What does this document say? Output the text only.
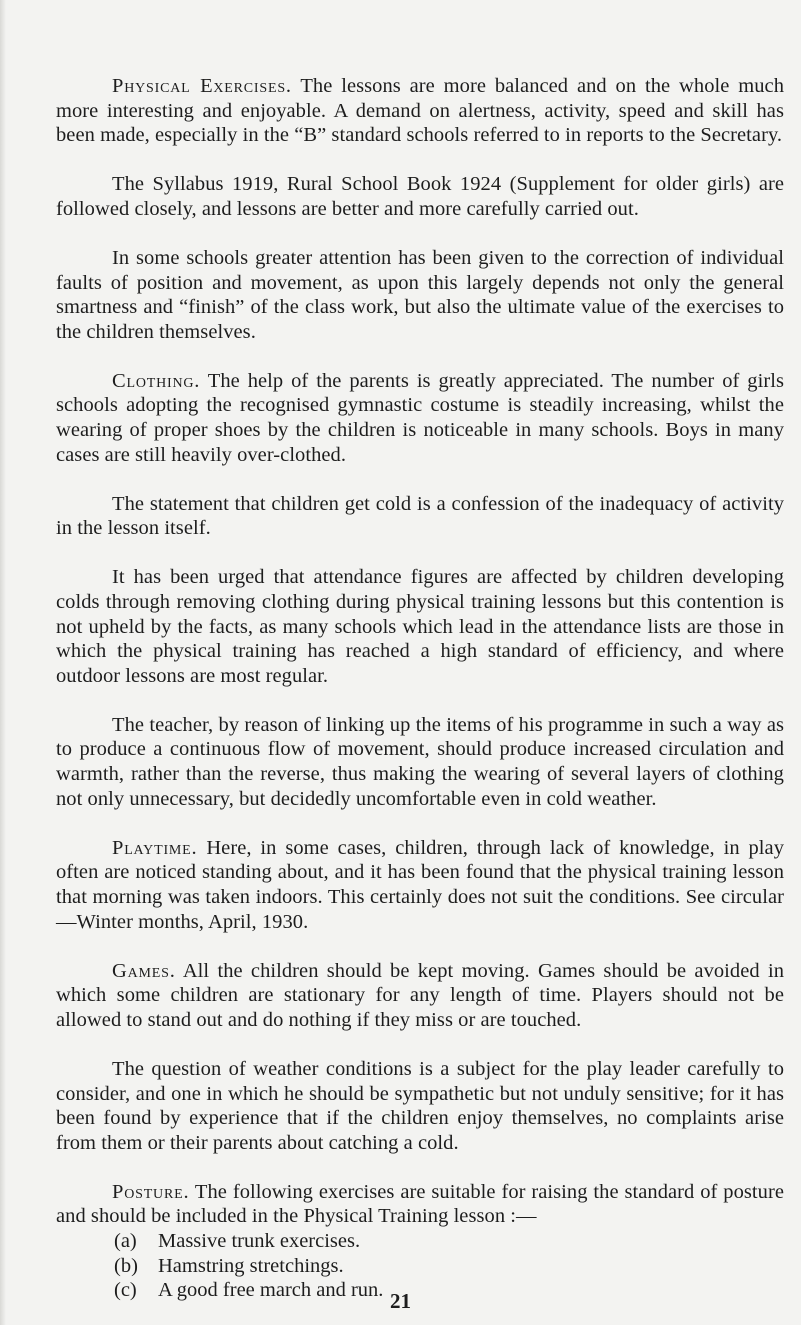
Physical Exercises. The lessons are more balanced and on the whole much more interesting and enjoyable. A demand on alertness, activity, speed and skill has been made, especially in the “B” standard schools referred to in reports to the Secretary.

The Syllabus 1919, Rural School Book 1924 (Supplement for older girls) are followed closely, and lessons are better and more carefully carried out.

In some schools greater attention has been given to the correction of individual faults of position and movement, as upon this largely depends not only the general smartness and “finish” of the class work, but also the ultimate value of the exercises to the children themselves.

Clothing. The help of the parents is greatly appreciated. The number of girls schools adopting the recognised gymnastic costume is steadily increasing, whilst the wearing of proper shoes by the children is noticeable in many schools. Boys in many cases are still heavily over-clothed.

The statement that children get cold is a confession of the inadequacy of activity in the lesson itself.

It has been urged that attendance figures are affected by children developing colds through removing clothing during physical training lessons but this contention is not upheld by the facts, as many schools which lead in the attendance lists are those in which the physical training has reached a high standard of efficiency, and where outdoor lessons are most regular.

The teacher, by reason of linking up the items of his programme in such a way as to produce a continuous flow of movement, should produce increased circulation and warmth, rather than the reverse, thus making the wearing of several layers of clothing not only unnecessary, but decidedly uncomfortable even in cold weather.

Playtime. Here, in some cases, children, through lack of knowledge, in play often are noticed standing about, and it has been found that the physical training lesson that morning was taken indoors. This certainly does not suit the conditions. See circular—Winter months, April, 1930.

Games. All the children should be kept moving. Games should be avoided in which some children are stationary for any length of time. Players should not be allowed to stand out and do nothing if they miss or are touched.

The question of weather conditions is a subject for the play leader carefully to consider, and one in which he should be sympathetic but not unduly sensitive; for it has been found by experience that if the children enjoy themselves, no complaints arise from them or their parents about catching a cold.

Posture. The following exercises are suitable for raising the standard of posture and should be included in the Physical Training lesson :—

(a)	Massive trunk exercises.
(b) Hamstring stretchings.
(c)	A good free march and run. 21
